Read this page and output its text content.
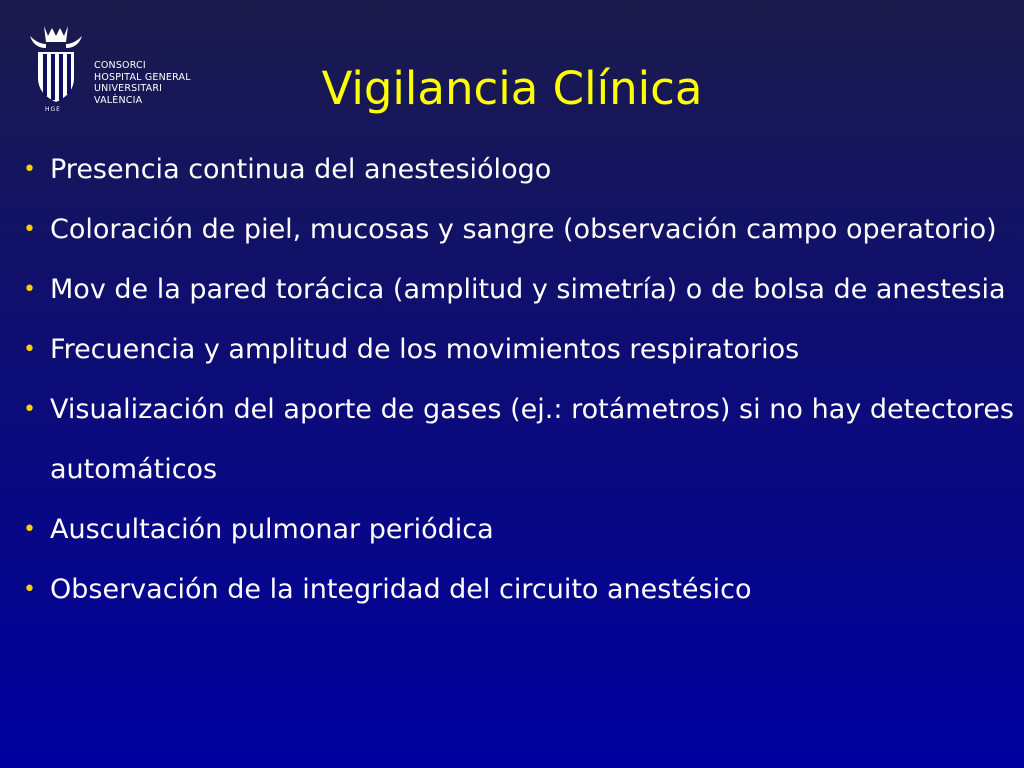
HGE
CONSORCI
HOSPITAL GENERAL
UNIVERSITARI
VALÈNCIA	Vigilancia Clínica
• Presencia continua del anestesiólogo
• Coloración de piel, mucosas y sangre (observación campo operatorio)
• Mov de la pared torácica (amplitud y simetría) o de bolsa de anestesia
• Frecuencia y amplitud de los movimientos respiratorios
• Visualización del aporte de gases (ej.: rotámetros) si no hay detectores automáticos
• Auscultación pulmonar periódica
• Observación de la integridad del circuito anestésico
